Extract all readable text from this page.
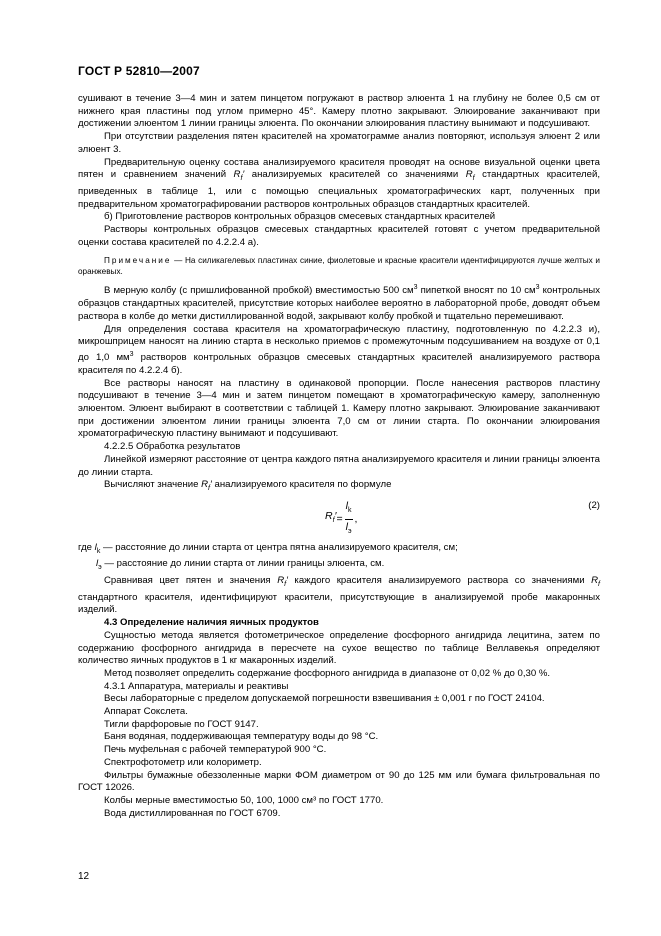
ГОСТ Р 52810—2007

сушивают в течение 3—4 мин и затем пинцетом погружают в раствор элюента 1 на глубину не более 0,5 см от нижнего края пластины под углом примерно 45°. Камеру плотно закрывают. Элюирование заканчивают при достижении элюентом 1 линии границы элюента. По окончании элюирования пластину вынимают и подсушивают.

При отсутствии разделения пятен красителей на хроматограмме анализ повторяют, используя элюент 2 или элюент 3.

Предварительную оценку состава анализируемого красителя проводят на основе визуальной оценки цвета пятен и сравнением значений $R_f'$ анализируемых красителей со значениями $R_f$ стандартных красителей, приведенных в таблице 1, или с помощью специальных хроматографических карт, полученных при предварительном хроматографировании растворов контрольных образцов стандартных красителей.

б) Приготовление растворов контрольных образцов смесевых стандартных красителей

Растворы контрольных образцов смесевых стандартных красителей готовят с учетом предварительной оценки состава красителей по 4.2.2.4 а).

Примечание — На силикагелевых пластинах синие, фиолетовые и красные красители идентифицируются лучше желтых и оранжевых.

В мерную колбу (с пришлифованной пробкой) вместимостью 500 $см^3$ пипеткой вносят по 10 $см^3$ контрольных образцов стандартных красителей, присутствие которых наиболее вероятно в лабораторной пробе, доводят объем раствора в колбе до метки дистиллированной водой, закрывают колбу пробкой и тщательно перемешивают.

Для определения состава красителя на хроматографическую пластину, подготовленную по 4.2.2.3 и), микрошприцем наносят на линию старта в несколько приемов с промежуточным подсушиванием на воздухе от 0,1 до 1,0 $мм^3$ растворов контрольных образцов смесевых стандартных красителей анализируемого раствора красителя по 4.2.2.4 б).

Все растворы наносят на пластину в одинаковой пропорции. После нанесения растворов пластину подсушивают в течение 3—4 мин и затем пинцетом помещают в хроматографическую камеру, заполненную элюентом. Элюент выбирают в соответствии с таблицей 1. Камеру плотно закрывают. Элюирование заканчивают при достижении элюентом линии границы элюента 7,0 см от линии старта. По окончании элюирования хроматографическую пластину вынимают и подсушивают.

4.2.2.5 Обработка результатов

Линейкой измеряют расстояние от центра каждого пятна анализируемого красителя и линии границы элюента до линии старта.

Вычисляют значение $R_f'$ анализируемого красителя по формуле

$R_f' = \frac{l_k}{l_э}$ ,
(2)

где $l_k$ — расстояние до линии старта от центра пятна анализируемого красителя, см;

$l_э$ — расстояние до линии старта от линии границы элюента, см.

Сравнивая цвет пятен и значения $R_f'$ каждого красителя анализируемого раствора со значениями $R_f$ стандартного красителя, идентифицируют красители, присутствующие в анализируемой пробе макаронных изделий.

4.3 Определение наличия яичных продуктов

Сущностью метода является фотометрическое определение фосфорного ангидрида лецитина, затем по содержанию фосфорного ангидрида в пересчете на сухое вещество по таблице Веллавекья определяют количество яичных продуктов в 1 кг макаронных изделий.

Метод позволяет определить содержание фосфорного ангидрида в диапазоне от 0,02 % до 0,30 %.

4.3.1 Аппаратура, материалы и реактивы

Весы лабораторные с пределом допускаемой погрешности взвешивания ± 0,001 г по ГОСТ 24104.

Аппарат Сокслета.

Тигли фарфоровые по ГОСТ 9147.

Баня водяная, поддерживающая температуру воды до 98 °С.

Печь муфельная с рабочей температурой 900 °С.

Спектрофотометр или колориметр.

Фильтры бумажные обеззоленные марки ФОМ диаметром от 90 до 125 мм или бумага фильтровальная по ГОСТ 12026.

Колбы мерные вместимостью 50, 100, 1000 см³ по ГОСТ 1770.

Вода дистиллированная по ГОСТ 6709.

12
